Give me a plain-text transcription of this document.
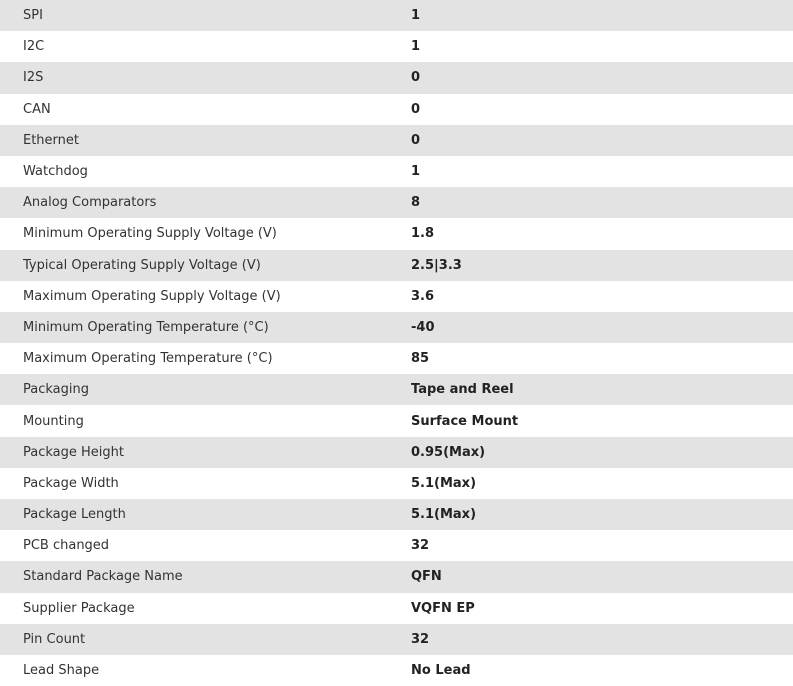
SPI	1
I2C	1
I2S	0
CAN	0
Ethernet	0
Watchdog	1
Analog Comparators	8
Minimum Operating Supply Voltage (V)	1.8
Typical Operating Supply Voltage (V)	2.5|3.3
Maximum Operating Supply Voltage (V)	3.6
Minimum Operating Temperature (°C)	-40
Maximum Operating Temperature (°C)	85
Packaging	Tape and Reel
Mounting	Surface Mount
Package Height	0.95(Max)
Package Width	5.1(Max)
Package Length	5.1(Max)
PCB changed	32
Standard Package Name	QFN
Supplier Package	VQFN EP
Pin Count	32
Lead Shape	No Lead
